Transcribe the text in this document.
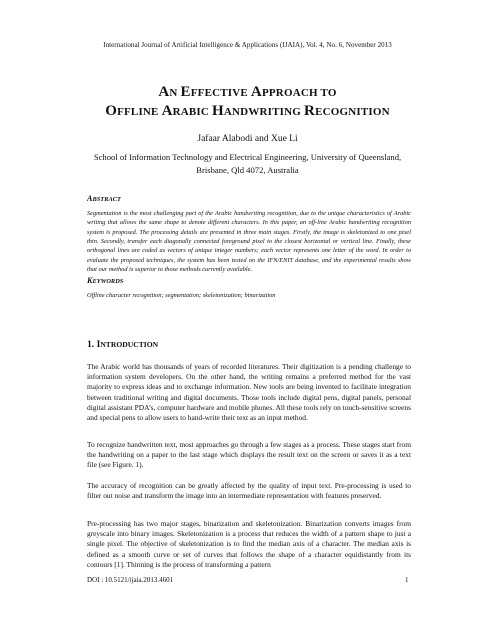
International Journal of Artificial Intelligence & Applications (IJAIA), Vol. 4, No. 6, November 2013
AN EFFECTIVE APPROACH TO
OFFLINE ARABIC HANDWRITING RECOGNITION
Jafaar Alabodi and Xue Li
School of Information Technology and Electrical Engineering, University of Queensland,
Brisbane, Qld 4072, Australia
ABSTRACT
Segmentation is the most challenging part of the Arabic handwriting recognition, due to the unique characteristics of Arabic writing that allows the same shape to denote different characters. In this paper, an off-line Arabic handwriting recognition system is proposed. The processing details are presented in three main stages. Firstly, the image is skeletonized to one pixel thin. Secondly, transfer each diagonally connected foreground pixel to the closest horizontal or vertical line. Finally, these orthogonal lines are coded as vectors of unique integer numbers; each vector represents one letter of the word. In order to evaluate the proposed techniques, the system has been tested on the IFN/ENIT database, and the experimental results show that our method is superior to those methods currently available.
KEYWORDS
Offline character recognition; segmentation; skeletonization; binarization
1. INTRODUCTION
The Arabic world has thousands of years of recorded literatures. Their digitization is a pending challenge to information system developers. On the other hand, the writing remains a preferred method for the vast majority to express ideas and to exchange information. New tools are being invented to facilitate integration between traditional writing and digital documents. Those tools include digital pens, digital panels, personal digital assistant PDA’s, computer hardware and mobile phones. All these tools rely on touch-sensitive screens and special pens to allow users to hand-write their text as an input method.
To recognize handwritten text, most approaches go through a few stages as a process. These stages start from the handwriting on a paper to the last stage which displays the result text on the screen or saves it as a text file (see Figure. 1).
The accuracy of recognition can be greatly affected by the quality of input text. Pre-processing is used to filter out noise and transform the image into an intermediate representation with features preserved.
Pre-processing has two major stages, binarization and skeletonization. Binarization converts images from greyscale into binary images. Skeletonization is a process that reduces the width of a pattern shape to just a single pixel. The objective of skeletonization is to find the median axis of a character. The median axis is defined as a smooth curve or set of curves that follows the shape of a character equidistantly from its contours [1]. Thinning is the process of transforming a pattern
DOI : 10.5121/ijaia.2013.4601	1
